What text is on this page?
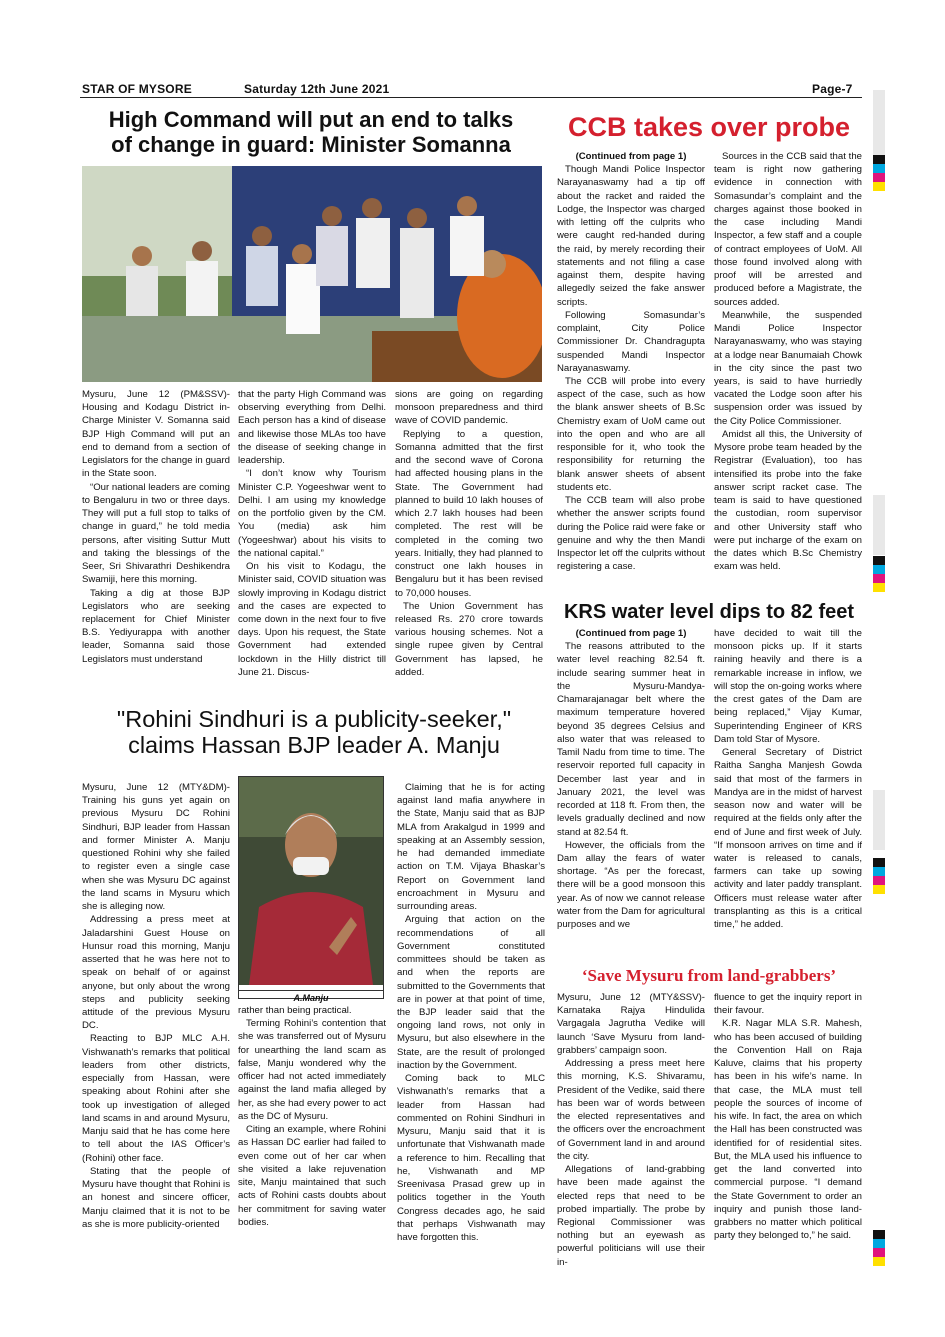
STAR OF MYSORE	Saturday 12th June 2021	Page-7
High Command will put an end to talks
of change in guard: Minister Somanna

Mysuru, June 12 (PM&SSV)- Housing and Kodagu District in-Charge Minister V. Somanna said BJP High Command will put an end to demand from a section of Legislators for the change in guard in the State soon.

“Our national leaders are coming to Bengaluru in two or three days. They will put a full stop to talks of change in guard,” he told media persons, after visiting Suttur Mutt and taking the blessings of the Seer, Sri Shivarathri Deshikendra Swamiji, here this morning.

Taking a dig at those BJP Legislators who are seeking replacement for Chief Minister B.S. Yediyurappa with another leader, Somanna said those Legislators must understand

that the party High Command was observing everything from Delhi. Each person has a kind of disease and likewise those MLAs too have the disease of seeking change in leadership.

“I don’t know why Tourism Minister C.P. Yogeeshwar went to Delhi. I am using my knowledge on the portfolio given by the CM. You (media) ask him (Yogeeshwar) about his visits to the national capital.”

On his visit to Kodagu, the Minister said, COVID situation was slowly improving in Kodagu district and the cases are expected to come down in the next four to five days. Upon his request, the State Government had extended lockdown in the Hilly district till June 21. Discus-

sions are going on regarding monsoon preparedness and third wave of COVID pandemic.

Replying to a question, Somanna admitted that the first and the second wave of Corona had affected housing plans in the State. The Government had planned to build 10 lakh houses of which 2.7 lakh houses had been completed. The rest will be completed in the coming two years. Initially, they had planned to construct one lakh houses in Bengaluru but it has been revised to 70,000 houses.

The Union Government has released Rs. 270 crore towards various housing schemes. Not a single rupee given by Central Government has lapsed, he added.

CCB takes over probe

(Continued from page 1)

Though Mandi Police Inspector Narayanaswamy had a tip off about the racket and raided the Lodge, the Inspector was charged with letting off the culprits who were caught red-handed during the raid, by merely recording their statements and not filing a case against them, despite having allegedly seized the fake answer scripts.

Following Somasundar’s complaint, City Police Commissioner Dr. Chandragupta suspended Mandi Inspector Narayanaswamy.

The CCB will probe into every aspect of the case, such as how the blank answer sheets of B.Sc Chemistry exam of UoM came out into the open and who are all responsible for it, who took the responsibility for returning the blank answer sheets of absent students etc.

The CCB team will also probe whether the answer scripts found during the Police raid were fake or genuine and why the then Mandi Inspector let off the culprits without registering a case.

Sources in the CCB said that the team is right now gathering evidence in connection with Somasundar’s complaint and the charges against those booked in the case including Mandi Inspector, a few staff and a couple of contract employees of UoM. All those found involved along with proof will be arrested and produced before a Magistrate, the sources added.

Meanwhile, the suspended Mandi Police Inspector Narayanaswamy, who was staying at a lodge near Banumaiah Chowk in the city since the past two years, is said to have hurriedly vacated the Lodge soon after his suspension order was issued by the City Police Commissioner.

Amidst all this, the University of Mysore probe team headed by the Registrar (Evaluation), too has intensified its probe into the fake answer script racket case. The team is said to have questioned the custodian, room supervisor and other University staff who were put incharge of the exam on the dates which B.Sc Chemistry exam was held.

KRS water level dips to 82 feet

(Continued from page 1)

The reasons attributed to the water level reaching 82.54 ft. include searing summer heat in the Mysuru-Mandya-Chamarajanagar belt where the maximum temperature hovered beyond 35 degrees Celsius and also water that was released to Tamil Nadu from time to time. The reservoir reported full capacity in December last year and in January 2021, the level was recorded at 118 ft. From then, the levels gradually declined and now stand at 82.54 ft.

However, the officials from the Dam allay the fears of water shortage. “As per the forecast, there will be a good monsoon this year. As of now we cannot release water from the Dam for agricultural purposes and we

have decided to wait till the monsoon picks up. If it starts raining heavily and there is a remarkable increase in inflow, we will stop the on-going works where the crest gates of the Dam are being replaced,” Vijay Kumar, Superintending Engineer of KRS Dam told Star of Mysore.

General Secretary of District Raitha Sangha Manjesh Gowda said that most of the farmers in Mandya are in the midst of harvest season now and water will be required at the fields only after the end of June and first week of July. “If monsoon arrives on time and if water is released to canals, farmers can take up sowing activity and later paddy transplant. Officers must release water after transplanting as this is a critical time,” he added.

"Rohini Sindhuri is a publicity-seeker,"
claims Hassan BJP leader A. Manju
A.Manju

Mysuru, June 12 (MTY&DM)- Training his guns yet again on previous Mysuru DC Rohini Sindhuri, BJP leader from Hassan and former Minister A. Manju questioned Rohini why she failed to register even a single case when she was Mysuru DC against the land scams in Mysuru which she is alleging now.

Addressing a press meet at Jaladarshini Guest House on Hunsur road this morning, Manju asserted that he was here not to speak on behalf of or against anyone, but only about the wrong steps and publicity seeking attitude of the previous Mysuru DC.

Reacting to BJP MLC A.H. Vishwanath’s remarks that political leaders from other districts, especially from Hassan, were speaking about Rohini after she took up investigation of alleged land scams in and around Mysuru, Manju said that he has come here to tell about the IAS Officer’s (Rohini) other face.

Stating that the people of Mysuru have thought that Rohini is an honest and sincere officer, Manju claimed that it is not to be as she is more publicity-oriented

rather than being practical.

Terming Rohini’s contention that she was transferred out of Mysuru for unearthing the land scam as false, Manju wondered why the officer had not acted immediately against the land mafia alleged by her, as she had every power to act as the DC of Mysuru.

Citing an example, where Rohini as Hassan DC earlier had failed to even come out of her car when she visited a lake rejuvenation site, Manju maintained that such acts of Rohini casts doubts about her commitment for saving water bodies.

Claiming that he is for acting against land mafia anywhere in the State, Manju said that as BJP MLA from Arakalgud in 1999 and speaking at an Assembly session, he had demanded immediate action on T.M. Vijaya Bhaskar’s Report on Government land encroachment in Mysuru and surrounding areas.

Arguing that action on the recommendations of all Government constituted committees should be taken as and when the reports are submitted to the Governments that are in power at that point of time, the BJP leader said that the ongoing land rows, not only in Mysuru, but also elsewhere in the State, are the result of prolonged inaction by the Government.

Coming back to MLC Vishwanath’s remarks that a leader from Hassan had commented on Rohini Sindhuri in Mysuru, Manju said that it is unfortunate that Vishwanath made a reference to him. Recalling that he, Vishwanath and MP Sreenivasa Prasad grew up in politics together in the Youth Congress decades ago, he said that perhaps Vishwanath may have forgotten this.

‘Save Mysuru from land-grabbers’

Mysuru, June 12 (MTY&SSV)- Karnataka Rajya Hindulida Vargagala Jagrutha Vedike will launch ‘Save Mysuru from land-grabbers’ campaign soon.

Addressing a press meet here this morning, K.S. Shivaramu, President of the Vedike, said there has been war of words between the elected representatives and the officers over the encroachment of Government land in and around the city.

Allegations of land-grabbing have been made against the elected reps that need to be probed impartially. The probe by Regional Commissioner was nothing but an eyewash as powerful politicians will use their in-

fluence to get the inquiry report in their favour.

K.R. Nagar MLA S.R. Mahesh, who has been accused of building the Convention Hall on Raja Kaluve, claims that his property has been in his wife’s name. In that case, the MLA must tell people the sources of income of his wife. In fact, the area on which the Hall has been constructed was identified for of residential sites. But, the MLA used his influence to get the land converted into commercial purpose. “I demand the State Government to order an inquiry and punish those land-grabbers no matter which political party they belonged to,” he said.
